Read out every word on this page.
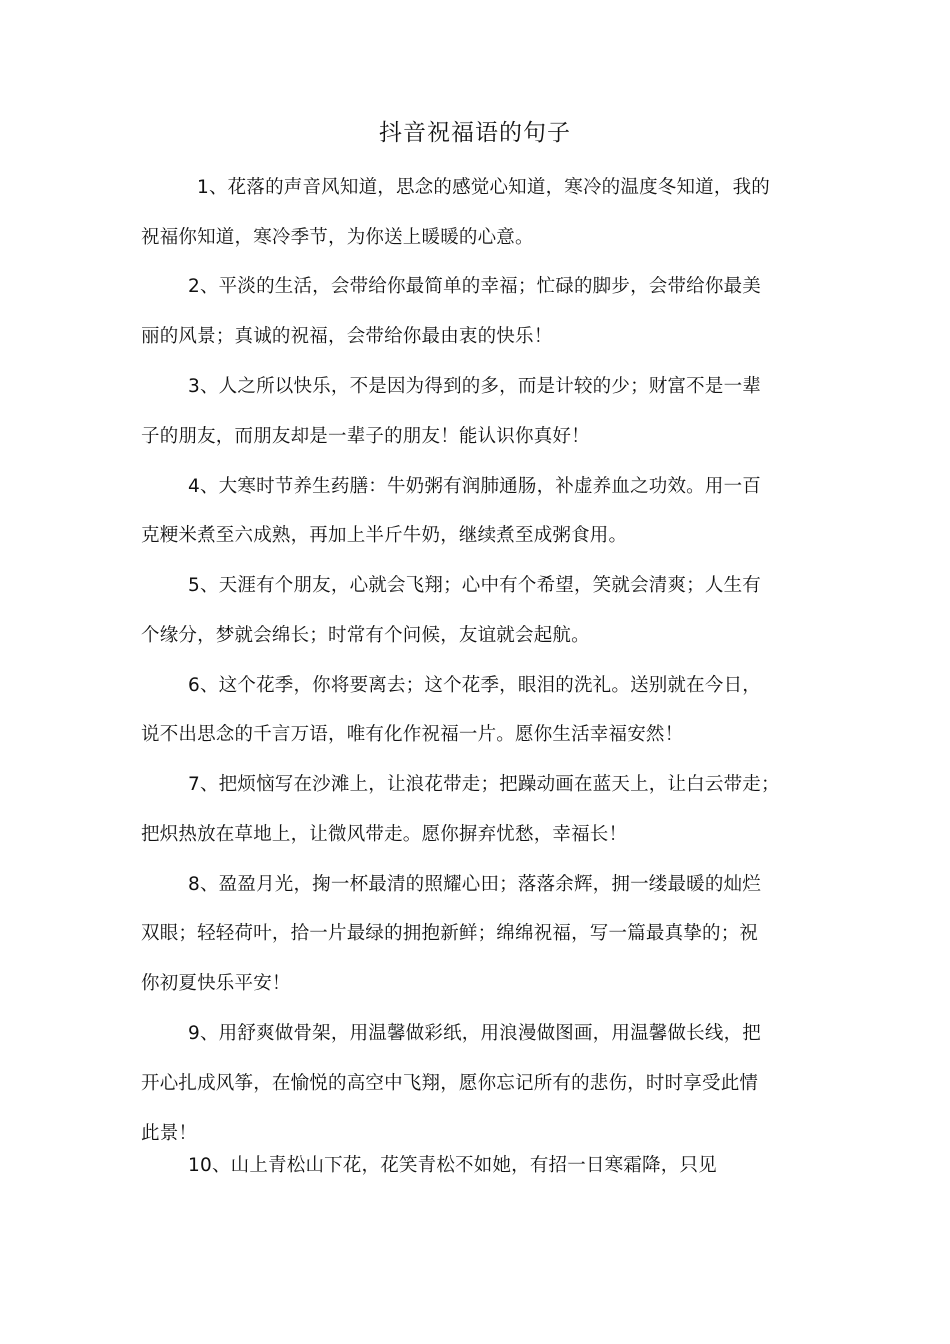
抖音祝福语的句子
1、花落的声音风知道，思念的感觉心知道，寒冷的温度冬知道，我的
祝福你知道，寒冷季节，为你送上暖暖的心意。
2、平淡的生活，会带给你最简单的幸福；忙碌的脚步，会带给你最美
丽的风景；真诚的祝福，会带给你最由衷的快乐！
3、人之所以快乐，不是因为得到的多，而是计较的少；财富不是一辈
子的朋友，而朋友却是一辈子的朋友！能认识你真好！
4、大寒时节养生药膳：牛奶粥有润肺通肠，补虚养血之功效。用一百
克粳米煮至六成熟，再加上半斤牛奶，继续煮至成粥食用。
5、天涯有个朋友，心就会飞翔；心中有个希望，笑就会清爽；人生有
个缘分，梦就会绵长；时常有个问候，友谊就会起航。
6、这个花季，你将要离去；这个花季，眼泪的洗礼。送别就在今日，
说不出思念的千言万语，唯有化作祝福一片。愿你生活幸福安然！
7、把烦恼写在沙滩上，让浪花带走；把躁动画在蓝天上，让白云带走；
把炽热放在草地上，让微风带走。愿你摒弃忧愁，幸福长！
8、盈盈月光，掬一杯最清的照耀心田；落落余辉，拥一缕最暖的灿烂
双眼；轻轻荷叶，拾一片最绿的拥抱新鲜；绵绵祝福，写一篇最真挚的；祝
你初夏快乐平安！
9、用舒爽做骨架，用温馨做彩纸，用浪漫做图画，用温馨做长线，把
开心扎成风筝，在愉悦的高空中飞翔，愿你忘记所有的悲伤，时时享受此情
此景！
10、山上青松山下花，花笑青松不如她，有招一日寒霜降，只见
